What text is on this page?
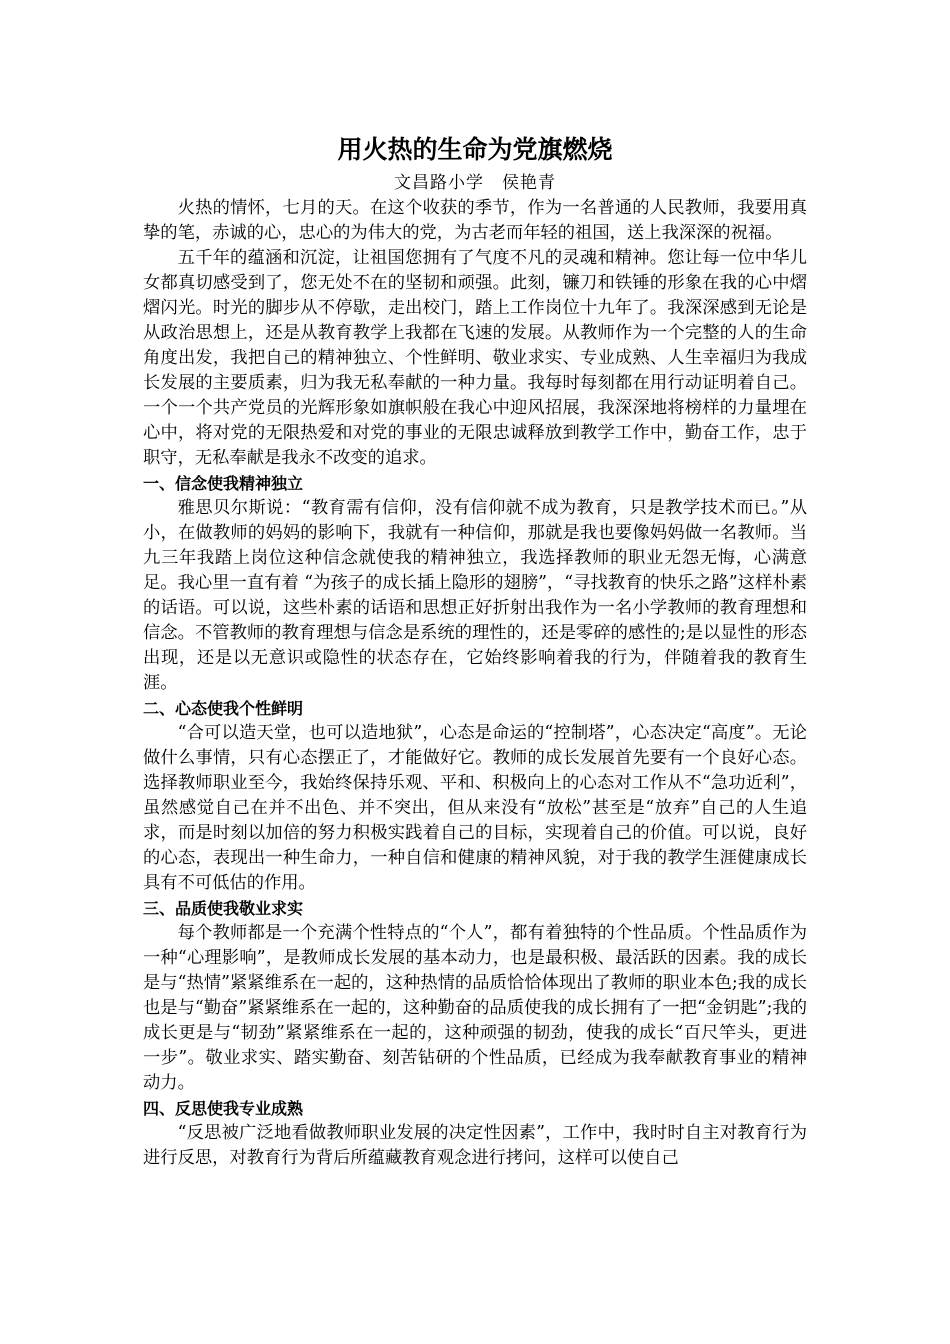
用火热的生命为党旗燃烧

文昌路小学　侯艳青

火热的情怀，七月的天。在这个收获的季节，作为一名普通的人民教师，我要用真挚的笔，赤诚的心，忠心的为伟大的党，为古老而年轻的祖国，送上我深深的祝福。

五千年的蕴涵和沉淀，让祖国您拥有了气度不凡的灵魂和精神。您让每一位中华儿女都真切感受到了，您无处不在的坚韧和顽强。此刻，镰刀和铁锤的形象在我的心中熠熠闪光。时光的脚步从不停歇，走出校门，踏上工作岗位十九年了。我深深感到无论是从政治思想上，还是从教育教学上我都在飞速的发展。从教师作为一个完整的人的生命角度出发，我把自己的精神独立、个性鲜明、敬业求实、专业成熟、人生幸福归为我成长发展的主要质素，归为我无私奉献的一种力量。我每时每刻都在用行动证明着自己。一个一个共产党员的光辉形象如旗帜般在我心中迎风招展，我深深地将榜样的力量埋在心中，将对党的无限热爱和对党的事业的无限忠诚释放到教学工作中，勤奋工作，忠于职守，无私奉献是我永不改变的追求。

一、信念使我精神独立

雅思贝尔斯说：“教育需有信仰，没有信仰就不成为教育，只是教学技术而已。”从小，在做教师的妈妈的影响下，我就有一种信仰，那就是我也要像妈妈做一名教师。当九三年我踏上岗位这种信念就使我的精神独立，我选择教师的职业无怨无悔，心满意足。我心里一直有着 “为孩子的成长插上隐形的翅膀”，“寻找教育的快乐之路”这样朴素的话语。可以说，这些朴素的话语和思想正好折射出我作为一名小学教师的教育理想和信念。不管教师的教育理想与信念是系统的理性的，还是零碎的感性的;是以显性的形态出现，还是以无意识或隐性的状态存在，它始终影响着我的行为，伴随着我的教育生涯。

二、心态使我个性鲜明

“合可以造天堂，也可以造地狱”，心态是命运的“控制塔”，心态决定“高度”。无论做什么事情，只有心态摆正了，才能做好它。教师的成长发展首先要有一个良好心态。选择教师职业至今，我始终保持乐观、平和、积极向上的心态对工作从不“急功近利”，虽然感觉自己在并不出色、并不突出，但从来没有“放松”甚至是“放弃”自己的人生追求，而是时刻以加倍的努力积极实践着自己的目标，实现着自己的价值。可以说，良好的心态，表现出一种生命力，一种自信和健康的精神风貌，对于我的教学生涯健康成长具有不可低估的作用。

三、品质使我敬业求实

每个教师都是一个充满个性特点的“个人”，都有着独特的个性品质。个性品质作为一种“心理影响”，是教师成长发展的基本动力，也是最积极、最活跃的因素。我的成长是与“热情”紧紧维系在一起的，这种热情的品质恰恰体现出了教师的职业本色;我的成长也是与“勤奋”紧紧维系在一起的，这种勤奋的品质使我的成长拥有了一把“金钥匙”;我的成长更是与“韧劲”紧紧维系在一起的，这种顽强的韧劲，使我的成长“百尺竿头，更进一步”。敬业求实、踏实勤奋、刻苦钻研的个性品质，已经成为我奉献教育事业的精神动力。

四、反思使我专业成熟

“反思被广泛地看做教师职业发展的决定性因素”，工作中，我时时自主对教育行为进行反思，对教育行为背后所蕴藏教育观念进行拷问，这样可以使自己
